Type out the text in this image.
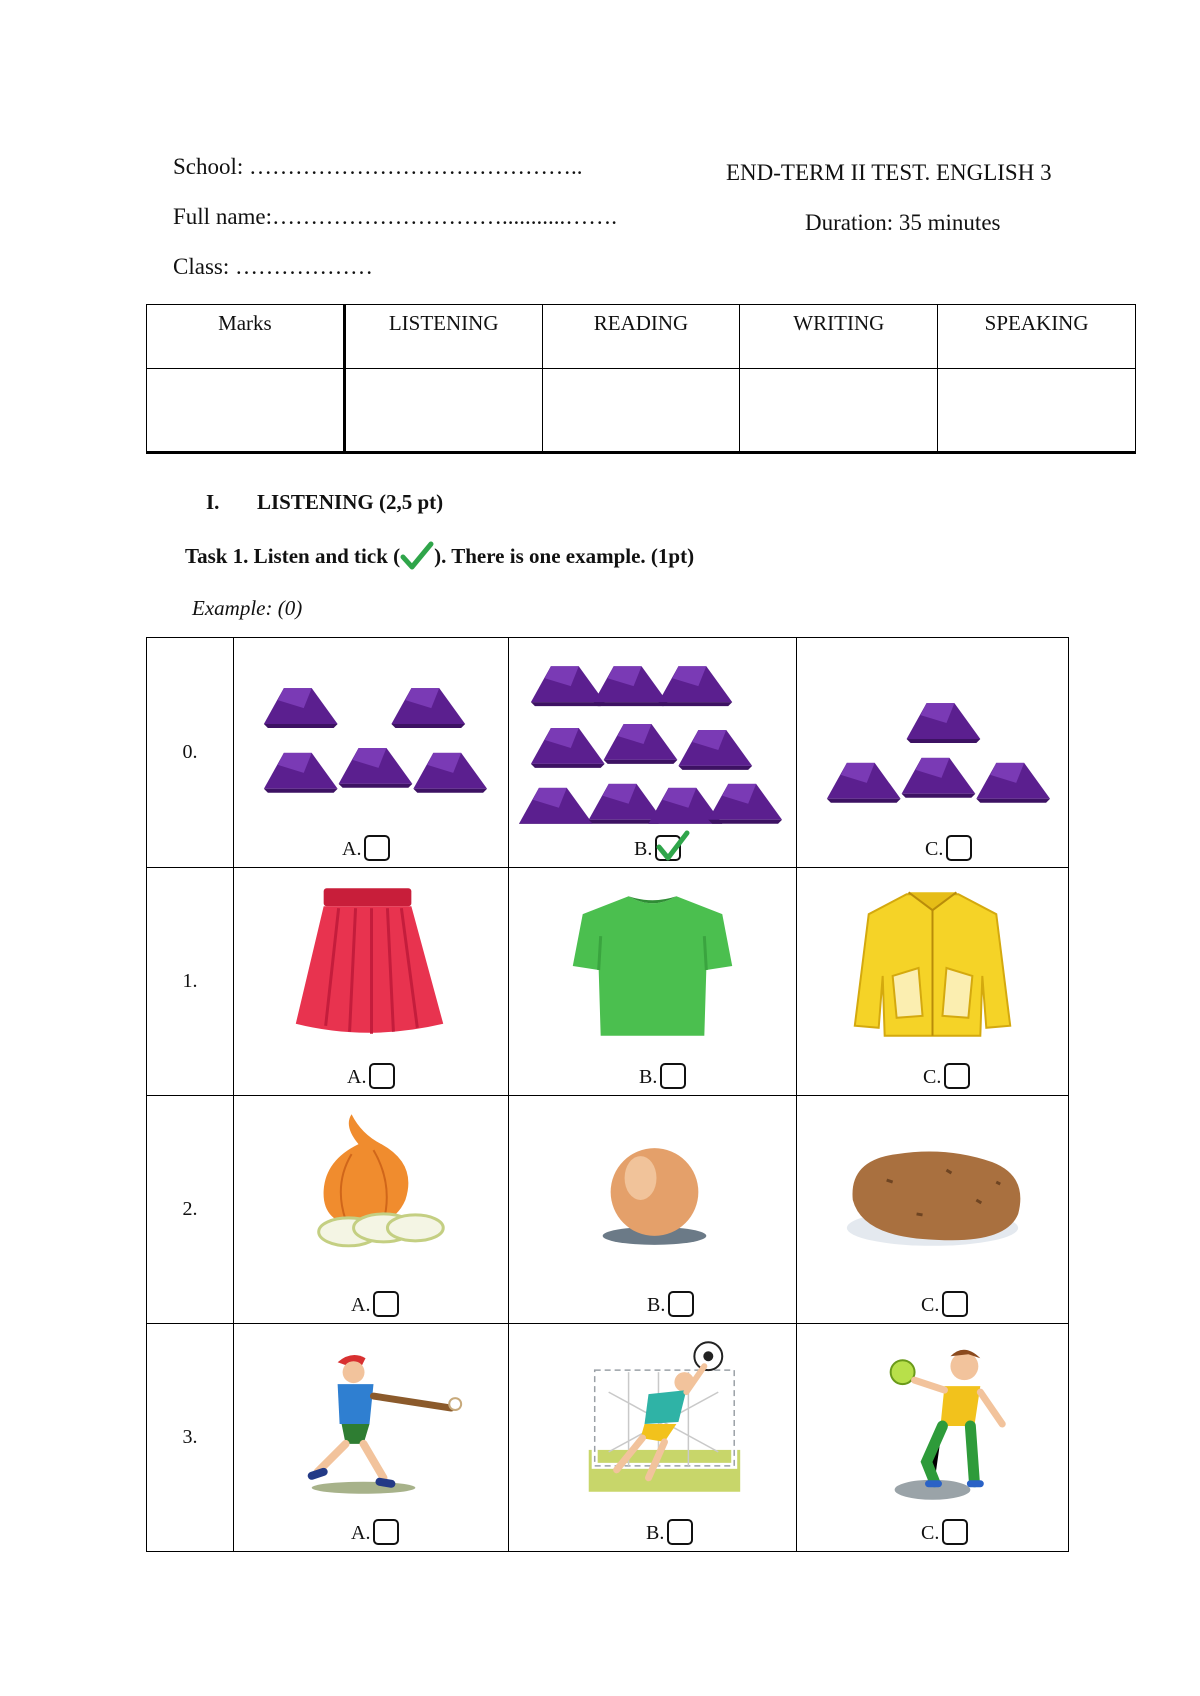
School: ……………………………………..
Full name:…………………………...........…….
Class: ………………
END-TERM II TEST. ENGLISH 3
Duration: 35 minutes
Marks	LISTENING	READING	WRITING	SPEAKING

I. LISTENING (2,5 pt)
Task 1. Listen and tick ( ). There is one example. (1pt)
Example: (0)
0.	A.	B.	C.

1.	A.	B.	C.

2.	A.	B.	C.

3.	A.	B.	C.
